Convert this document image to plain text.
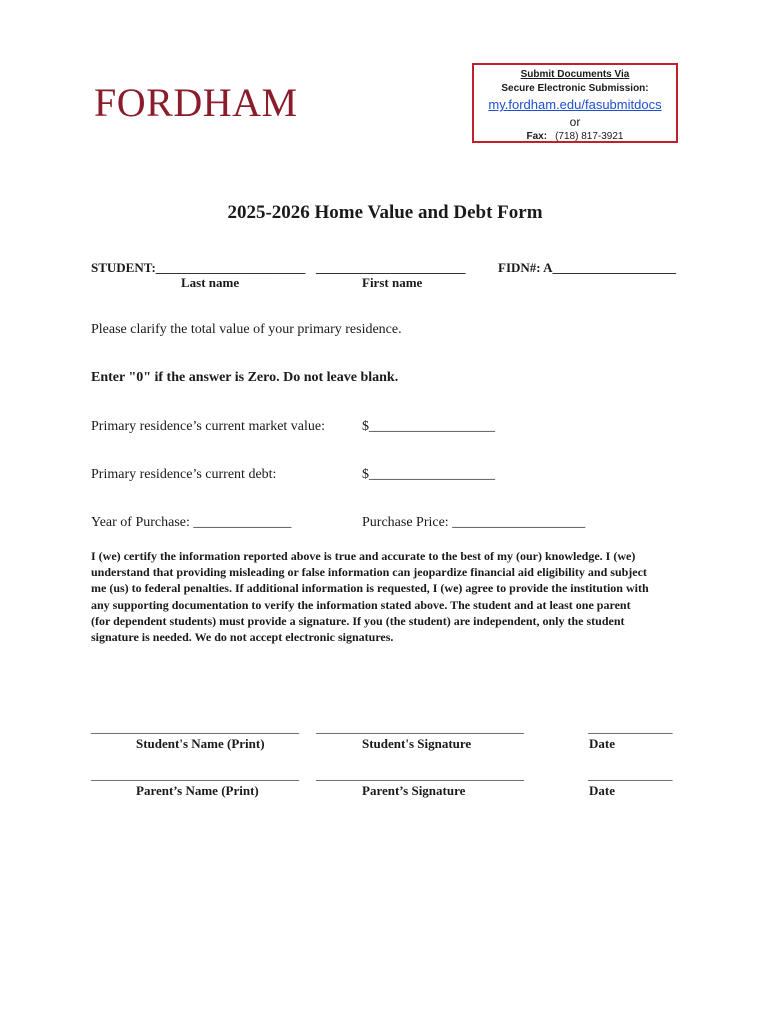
FORDHAM
Submit Documents Via
Secure Electronic Submission:
my.fordham.edu/fasubmitdocs
or
Fax: (718) 817-3921
2025-2026 Home Value and Debt Form
STUDENT:_______________________ _______________________	FIDN#: A___________________
Last name	First name
Please clarify the total value of your primary residence.
Enter "0" if the answer is Zero. Do not leave blank.
Primary residence’s current market value:	$__________________
Primary residence’s current debt:	$__________________
Year of Purchase: ______________	Purchase Price: ___________________
I (we) certify the information reported above is true and accurate to the best of my (our) knowledge. I (we)
understand that providing misleading or false information can jeopardize financial aid eligibility and subject
me (us) to federal penalties. If additional information is requested, I (we) agree to provide the institution with
any supporting documentation to verify the information stated above. The student and at least one parent
(for dependent students) must provide a signature. If you (the student) are independent, only the student
signature is needed. We do not accept electronic signatures.
________________________________ ________________________________	_____________
Student's Name (Print)	Student's Signature	Date
________________________________ ________________________________	_____________
Parent’s Name (Print)	Parent’s Signature	Date
